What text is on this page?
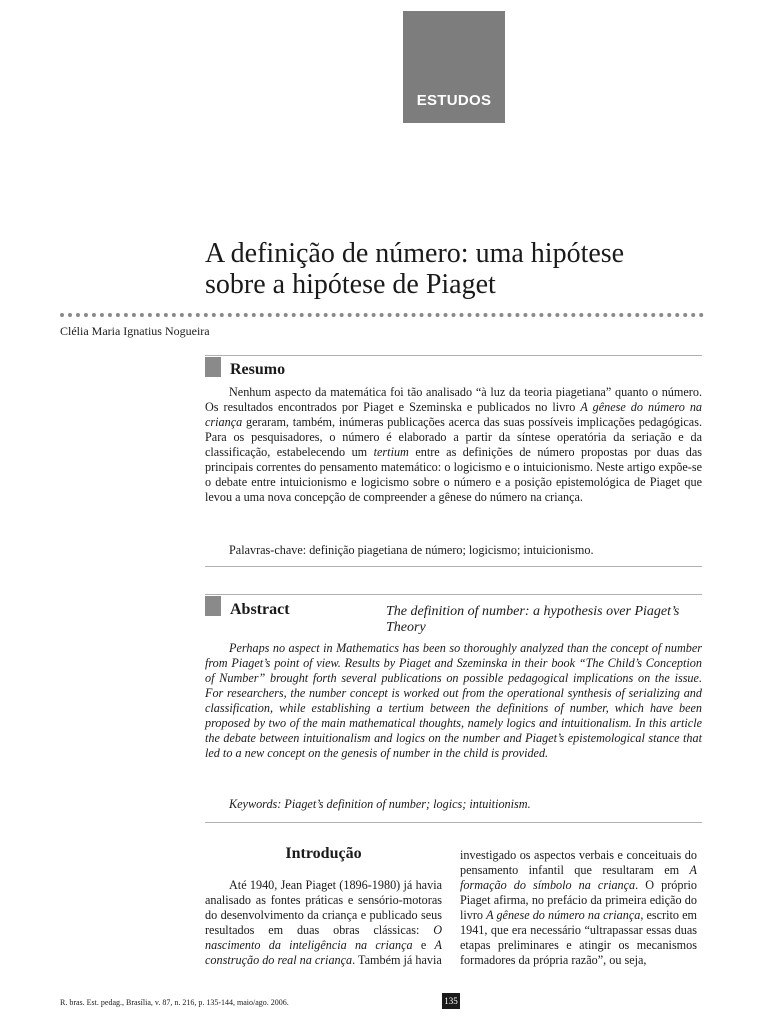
ESTUDOS
A definição de número: uma hipótese
sobre a hipótese de Piaget
Clélia Maria Ignatius Nogueira
Resumo

Nenhum aspecto da matemática foi tão analisado “à luz da teoria piagetiana” quanto o número. Os resultados encontrados por Piaget e Szeminska e publicados no livro A gênese do número na criança geraram, também, inúmeras publicações acerca das suas possíveis implicações pedagógicas. Para os pesquisadores, o número é elaborado a partir da síntese operatória da seriação e da classificação, estabelecendo um tertium entre as definições de número propostas por duas das principais correntes do pensamento matemático: o logicismo e o intuicionismo. Neste artigo expõe-se o debate entre intuicionismo e logicismo sobre o número e a posição epistemológica de Piaget que levou a uma nova concepção de compreender a gênese do número na criança.

Palavras-chave: definição piagetiana de número; logicismo; intuicionismo.
Abstract	The definition of number: a hypothesis over Piaget’s Theory

Perhaps no aspect in Mathematics has been so thoroughly analyzed than the concept of number from Piaget’s point of view. Results by Piaget and Szeminska in their book “The Child’s Conception of Number” brought forth several publications on possible pedagogical implications on the issue. For researchers, the number concept is worked out from the operational synthesis of serializing and classification, while establishing a tertium between the definitions of number, which have been proposed by two of the main mathematical thoughts, namely logics and intuitionalism. In this article the debate between intuitionalism and logics on the number and Piaget’s epistemological stance that led to a new concept on the genesis of number in the child is provided.

Keywords: Piaget’s definition of number; logics; intuitionism.
Introdução

Até 1940, Jean Piaget (1896-1980) já havia analisado as fontes práticas e sensório-motoras do desenvolvimento da criança e publicado seus resultados em duas obras clássicas: O nascimento da inteligência na criança e A construção do real na criança. Também já havia

investigado os aspectos verbais e conceituais do pensamento infantil que resultaram em A formação do símbolo na criança. O próprio Piaget afirma, no prefácio da primeira edição do livro A gênese do número na criança, escrito em 1941, que era necessário “ultrapassar essas duas etapas preliminares e atingir os mecanismos formadores da própria razão”, ou seja,

R. bras. Est. pedag., Brasília, v. 87, n. 216, p. 135-144, maio/ago. 2006.	135
